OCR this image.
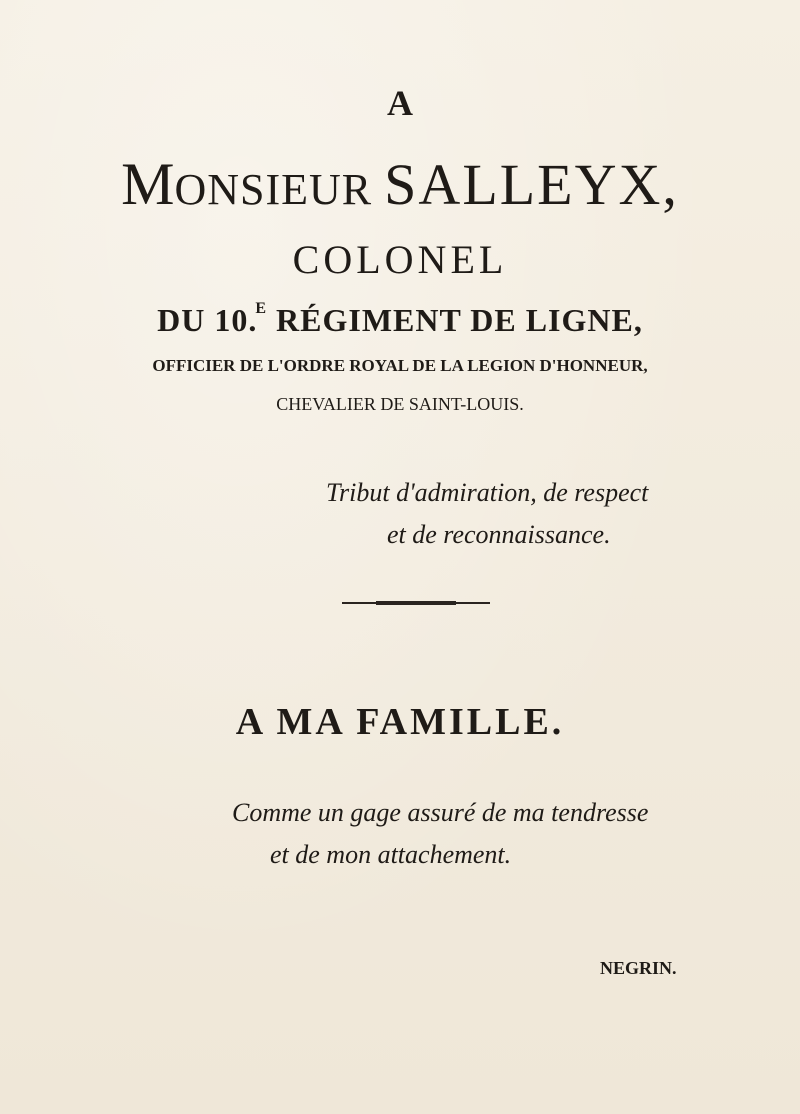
A
MONSIEUR SALLEYX,
COLONEL
DU 10.$^E$ RÉGIMENT DE LIGNE,
OFFICIER DE L'ORDRE ROYAL DE LA LEGION D'HONNEUR,
CHEVALIER DE SAINT-LOUIS.
Tribut d'admiration, de respect
et de reconnaissance.
A MA FAMILLE.
Comme un gage assuré de ma tendresse
et de mon attachement.
NEGRIN.
